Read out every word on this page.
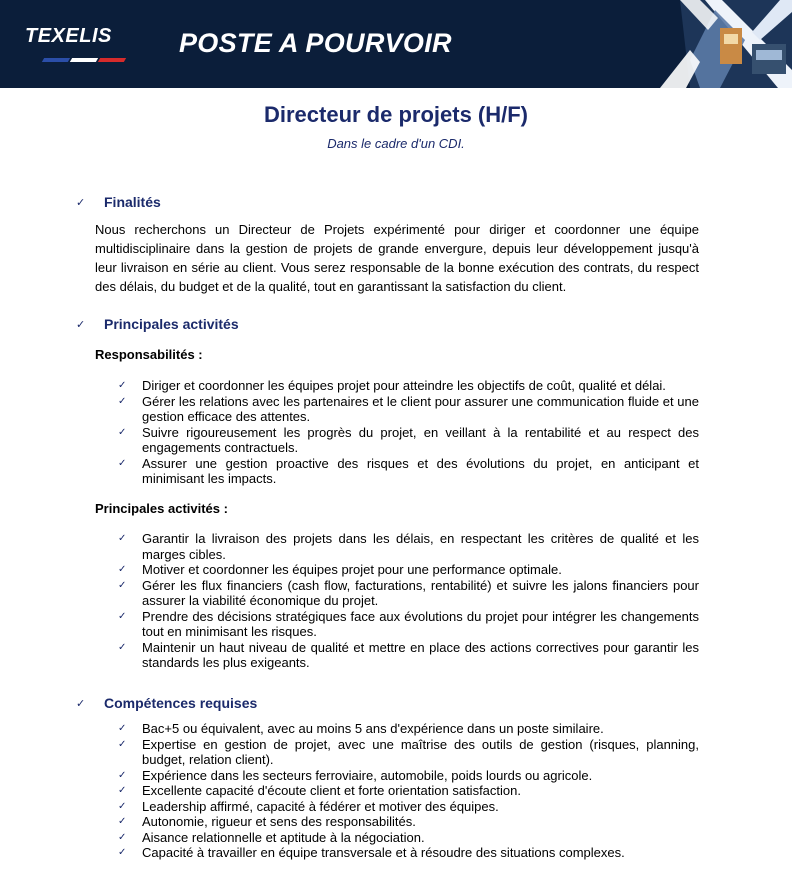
TEXELIS POSTE A POURVOIR
Directeur de projets (H/F)
Dans le cadre d'un CDI.
✓	Finalités
Nous recherchons un Directeur de Projets expérimenté pour diriger et coordonner une équipe multidisciplinaire dans la gestion de projets de grande envergure, depuis leur développement jusqu'à leur livraison en série au client. Vous serez responsable de la bonne exécution des contrats, du respect des délais, du budget et de la qualité, tout en garantissant la satisfaction du client.
✓	Principales activités
Responsabilités :
✓ Diriger et coordonner les équipes projet pour atteindre les objectifs de coût, qualité et délai.
✓ Gérer les relations avec les partenaires et le client pour assurer une communication fluide et une gestion efficace des attentes.
✓ Suivre rigoureusement les progrès du projet, en veillant à la rentabilité et au respect des engagements contractuels.
✓ Assurer une gestion proactive des risques et des évolutions du projet, en anticipant et minimisant les impacts.
Principales activités :
✓ Garantir la livraison des projets dans les délais, en respectant les critères de qualité et les marges cibles.
✓ Motiver et coordonner les équipes projet pour une performance optimale.
✓ Gérer les flux financiers (cash flow, facturations, rentabilité) et suivre les jalons financiers pour assurer la viabilité économique du projet.
✓ Prendre des décisions stratégiques face aux évolutions du projet pour intégrer les changements tout en minimisant les risques.
✓ Maintenir un haut niveau de qualité et mettre en place des actions correctives pour garantir les standards les plus exigeants.
✓	Compétences requises
✓ Bac+5 ou équivalent, avec au moins 5 ans d'expérience dans un poste similaire.
✓ Expertise en gestion de projet, avec une maîtrise des outils de gestion (risques, planning, budget, relation client).
✓ Expérience dans les secteurs ferroviaire, automobile, poids lourds ou agricole.
✓ Excellente capacité d'écoute client et forte orientation satisfaction.
✓ Leadership affirmé, capacité à fédérer et motiver des équipes.
✓ Autonomie, rigueur et sens des responsabilités.
✓ Aisance relationnelle et aptitude à la négociation.
✓ Capacité à travailler en équipe transversale et à résoudre des situations complexes.
